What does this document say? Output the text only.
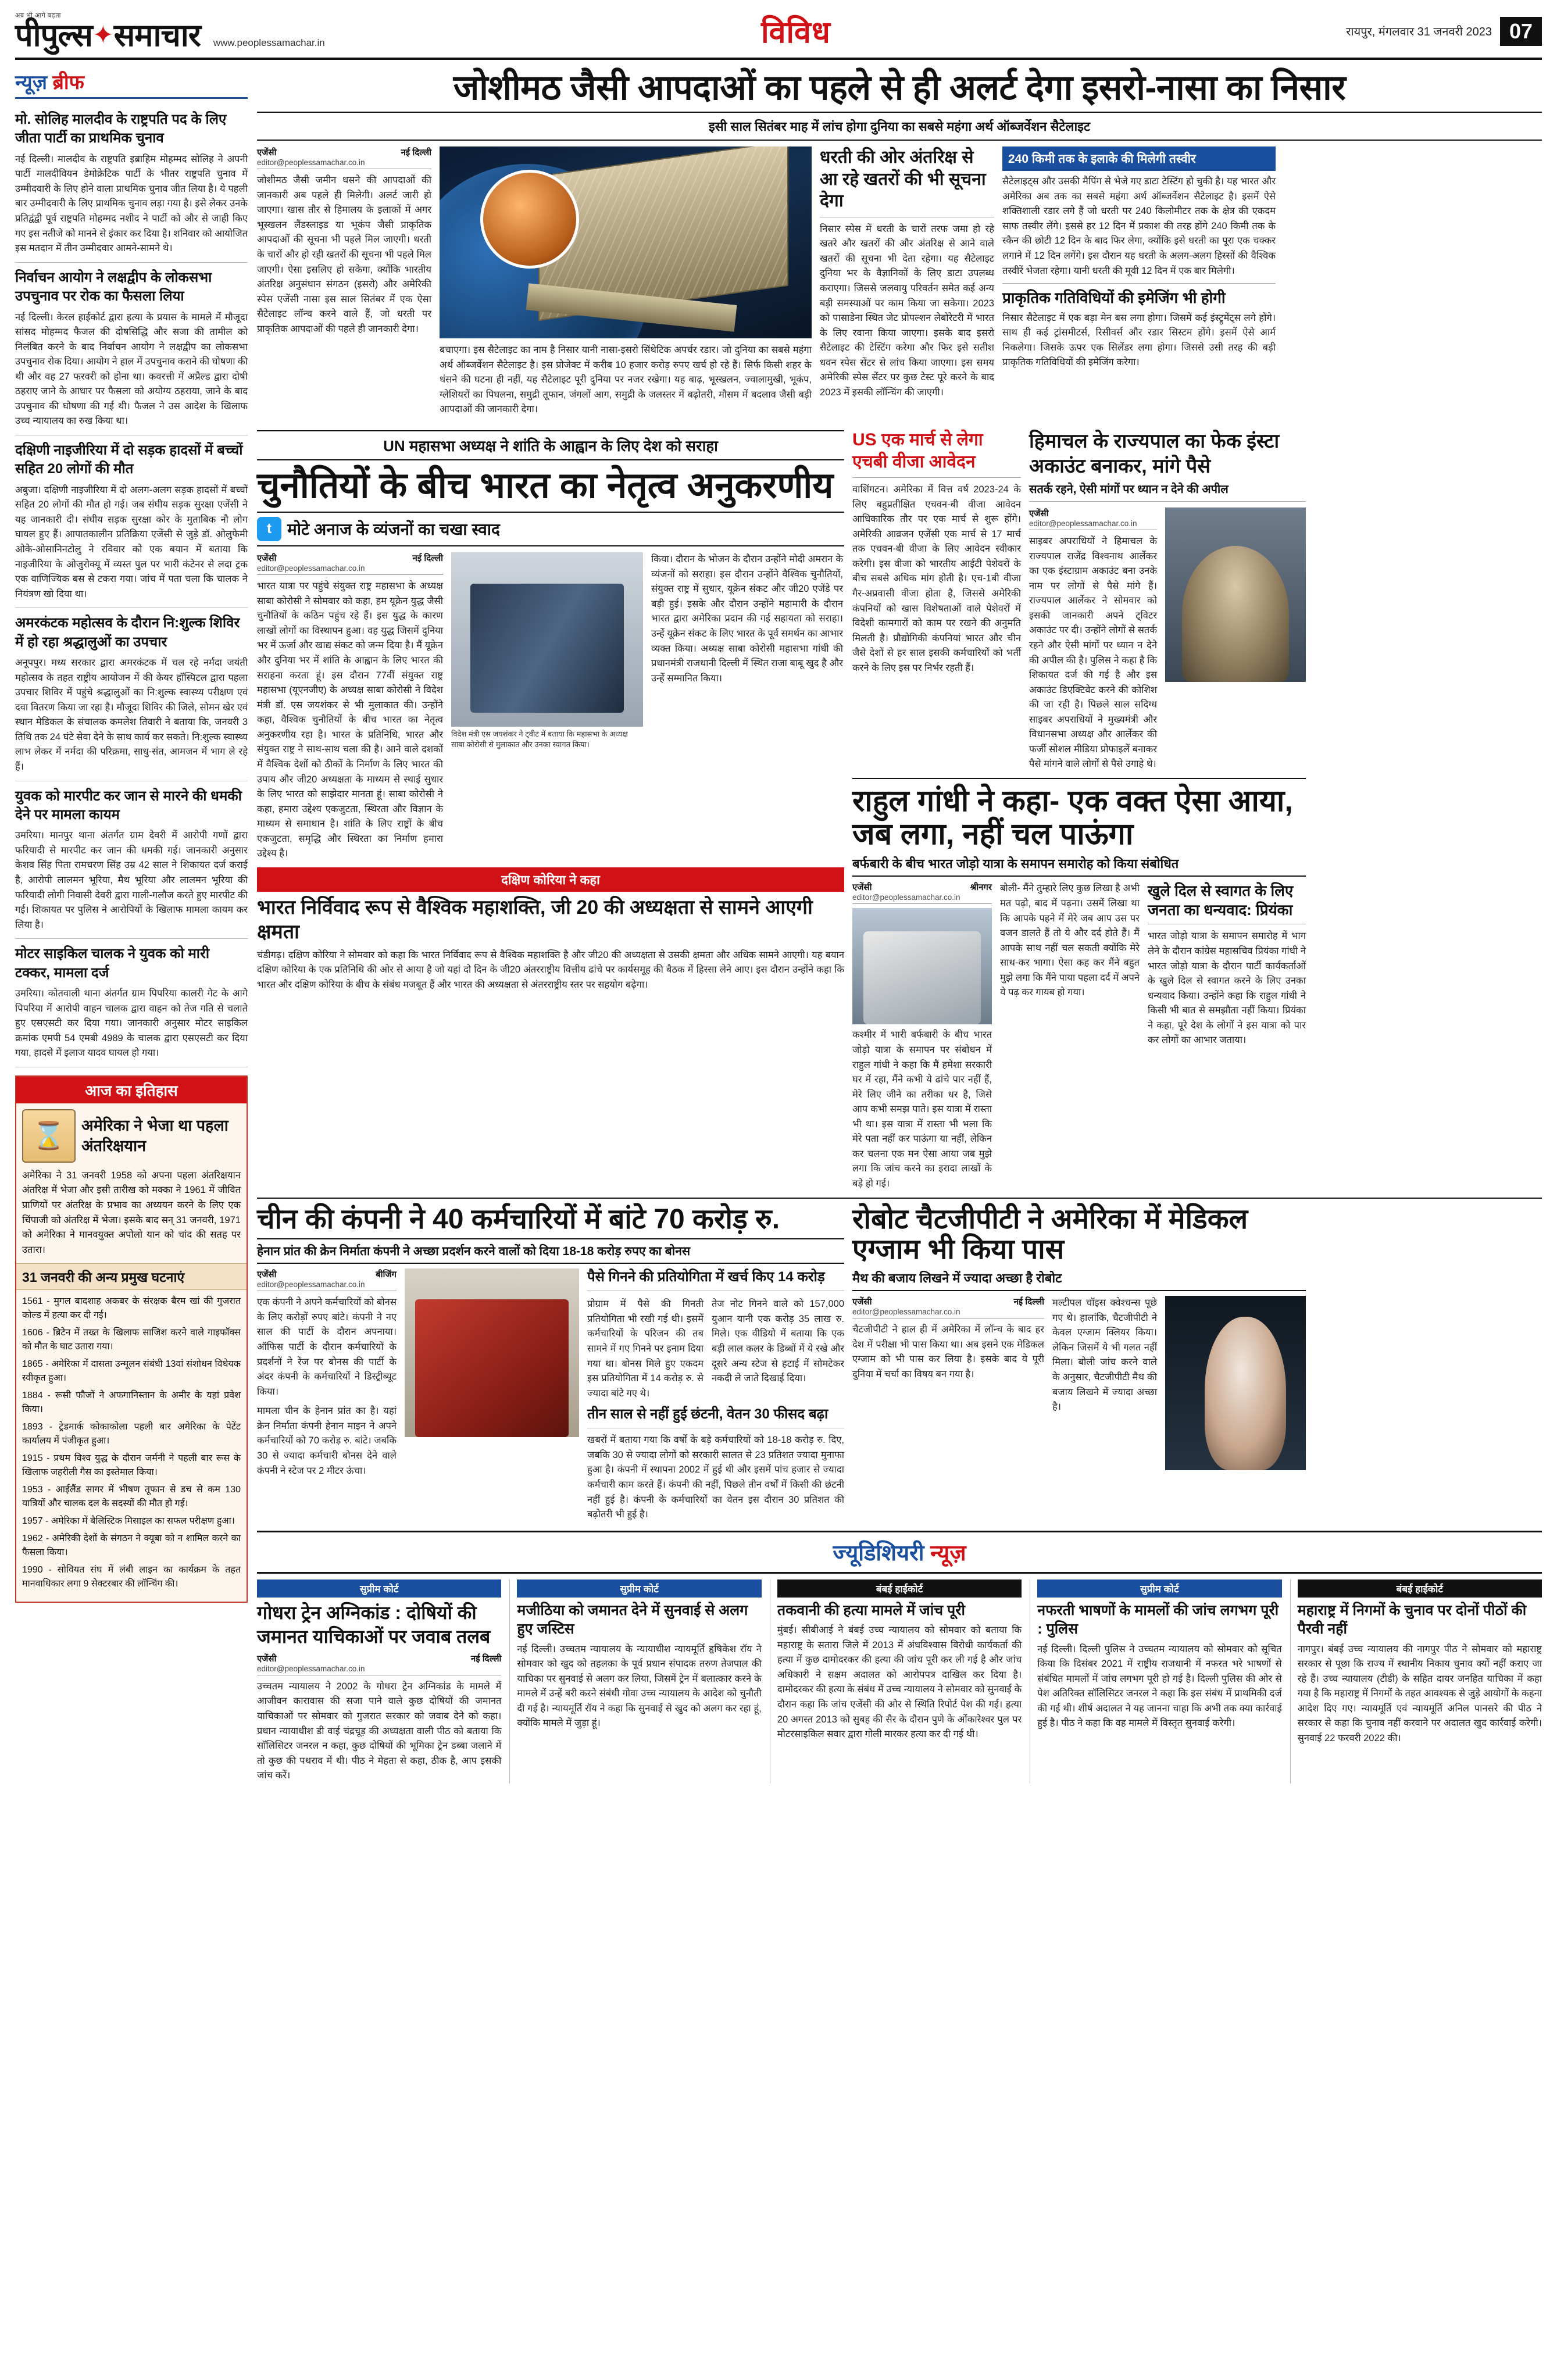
अब भी आगे बढ़ता
पीपुल्स ✦ समाचार www.peoplessamachar.in	विविध	रायपुर, मंगलवार 31 जनवरी 2023 07
न्यूज़ ब्रीफ
मो. सोलिह मालदीव के राष्ट्रपति पद के लिए जीता पार्टी का प्राथमिक चुनाव
नई दिल्ली। मालदीव के राष्ट्रपति इब्राहिम मोहम्मद सोलिह ने अपनी पार्टी मालदीवियन डेमोक्रेटिक पार्टी के भीतर राष्ट्रपति चुनाव में उम्मीदवारी के लिए होने वाला प्राथमिक चुनाव जीत लिया है। ये पहली बार उम्मीदवारी के लिए प्राथमिक चुनाव लड़ा गया है। इसे लेकर उनके प्रतिद्वंद्वी पूर्व राष्ट्रपति मोहम्मद नशीद ने पार्टी को और से जाही किए गए इस नतीजे को मानने से इंकार कर दिया है। शनिवार को आयोजित इस मतदान में तीन उम्मीदवार आमने-सामने थे।
निर्वाचन आयोग ने लक्षद्वीप के लोकसभा उपचुनाव पर रोक का फैसला लिया
नई दिल्ली। केरल हाईकोर्ट द्वारा हत्या के प्रयास के मामले में मौजूदा सांसद मोहम्मद फैजल की दोषसिद्धि और सजा की तामील को निलंबित करने के बाद निर्वाचन आयोग ने लक्षद्वीप का लोकसभा उपचुनाव रोक दिया। आयोग ने हाल में उपचुनाव कराने की घोषणा की थी और वह 27 फरवरी को होना था। कवरत्ती में अप्रैल्ड द्वारा दोषी ठहराए जाने के आधार पर फैसला को अयोग्य ठहराया, जाने के बाद उपचुनाव की घोषणा की गई थी। फैजल ने उस आदेश के खिलाफ उच्च न्यायालय का रुख किया था।
दक्षिणी नाइजीरिया में दो सड़क हादसों में बच्चों सहित 20 लोगों की मौत
अबुजा। दक्षिणी नाइजीरिया में दो अलग-अलग सड़क हादसों में बच्चों सहित 20 लोगों की मौत हो गई। जब संघीय सड़क सुरक्षा एजेंसी ने यह जानकारी दी। संघीय सड़क सुरक्षा कोर के मुताबिक नौ लोग घायल हुए हैं। आपातकालीन प्रतिक्रिया एजेंसी से जुड़े डॉ. ओलुफेमी ओके-ओसानिनटोलु ने रविवार को एक बयान में बताया कि नाइजीरिया के ओजुरोक्यू में व्यस्त पुल पर भारी कंटेनर से लदा ट्रक एक वाणिज्यिक बस से टकरा गया। जांच में पता चला कि चालक ने नियंत्रण खो दिया था।
अमरकंटक महोत्सव के दौरान नि:शुल्क शिविर में हो रहा श्रद्धालुओं का उपचार
अनूपपुर। मध्य सरकार द्वारा अमरकंटक में चल रहे नर्मदा जयंती महोत्सव के तहत राष्ट्रीय आयोजन में की केयर हॉस्पिटल द्वारा पहला उपचार शिविर में पहुंचे श्रद्धालुओं का नि:शुल्क स्वास्थ्य परीक्षण एवं दवा वितरण किया जा रहा है। मौजूदा शिविर की जिले, सोमन खेर एवं स्थान मेडिकल के संचालक कमलेश तिवारी ने बताया कि, जनवरी 3 तिथि तक 24 घंटे सेवा देने के साथ कार्य कर सकते। नि:शुल्क स्वास्थ्य लाभ लेकर में नर्मदा की परिक्रमा, साधु-संत, आमजन में भाग ले रहे हैं।
युवक को मारपीट कर जान से मारने की धमकी देने पर मामला कायम
उमरिया। मानपुर थाना अंतर्गत ग्राम देवरी में आरोपी गणों द्वारा फरियादी से मारपीट कर जान की धमकी गई। जानकारी अनुसार केशव सिंह पिता रामचरण सिंह उम्र 42 साल ने शिकायत दर्ज कराई है, आरोपी लालमन भूरिया, मैथ भूरिया और लालमन भूरिया की फरियादी लोगी निवासी देवरी द्वारा गाली-गलौज करते हुए मारपीट की गई। शिकायत पर पुलिस ने आरोपियों के खिलाफ मामला कायम कर लिया है।
मोटर साइकिल चालक ने युवक को मारी टक्कर, मामला दर्ज
उमरिया। कोतवाली थाना अंतर्गत ग्राम पिपरिया कालरी गेट के आगे पिपरिया में आरोपी वाहन चालक द्वारा वाहन को तेज गति से चलाते हुए एसएसटी कर दिया गया। जानकारी अनुसार मोटर साइकिल क्रमांक एमपी 54 एमबी 4989 के चालक द्वारा एसएसटी कर दिया गया, हादसे में इलाज यादव घायल हो गया।
आज का इतिहास
⌛	अमेरिका ने भेजा था पहला अंतरिक्षयान
अमेरिका ने 31 जनवरी 1958 को अपना पहला अंतरिक्षयान अंतरिक्ष में भेजा और इसी तारीख को मक्का ने 1961 में जीवित प्राणियों पर अंतरिक्ष के प्रभाव का अध्ययन करने के लिए एक चिंपाजी को अंतरिक्ष में भेजा। इसके बाद सन् 31 जनवरी, 1971 को अमेरिका ने मानवयुक्त अपोलो यान को चांद की सतह पर उतारा।
31 जनवरी की अन्य प्रमुख घटनाएं
1561 - मुगल बादशाह अकबर के संरक्षक बैरम खां की गुजरात कोल्ड में हत्या कर दी गई।
1606 - ब्रिटेन में तख्त के खिलाफ साजिश करने वाले गाइफॉक्स को मौत के घाट उतारा गया।
1865 - अमेरिका में दासता उन्मूलन संबंधी 13वां संशोधन विधेयक स्वीकृत हुआ।
1884 - रूसी फौजों ने अफगानिस्तान के अमीर के यहां प्रवेश किया।
1893 - ट्रेडमार्क कोकाकोला पहली बार अमेरिका के पेटेंट कार्यालय में पंजीकृत हुआ।
1915 - प्रथम विश्व युद्ध के दौरान जर्मनी ने पहली बार रूस के खिलाफ जहरीली गैस का इस्तेमाल किया।
1953 - आईलैंड सागर में भीषण तूफान से डच से कम 130 यात्रियों और चालक दल के सदस्यों की मौत हो गई।
1957 - अमेरिका में बैलिस्टिक मिसाइल का सफल परीक्षण हुआ।
1962 - अमेरिकी देशों के संगठन ने क्यूबा को न शामिल करने का फैसला किया।
1990 - सोवियत संघ में लंबी लाइन का कार्यक्रम के तहत मानवाधिकार लगा 9 सेक्टरबार की लॉन्चिंग की।
जोशीमठ जैसी आपदाओं का पहले से ही अलर्ट देगा इसरो-नासा का निसार
इसी साल सितंबर माह में लांच होगा दुनिया का सबसे महंगा अर्थ ऑब्जर्वेशन सैटेलाइट
एजेंसी	नई दिल्ली
editor@peoplessamachar.co.in
जोशीमठ जैसी जमीन धसने की आपदाओं की जानकारी अब पहले ही मिलेगी। अलर्ट जारी हो जाएगा। खास तौर से हिमालय के इलाकों में अगर भूस्खलन लैंडस्लाइड या भूकंप जैसी प्राकृतिक आपदाओं की सूचना भी पहले मिल जाएगी। धरती के चारों और हो रही खतरों की सूचना भी पहले मिल जाएगी। ऐसा इसलिए हो सकेगा, क्योंकि भारतीय अंतरिक्ष अनुसंधान संगठन (इसरो) और अमेरिकी स्पेस एजेंसी नासा इस साल सितंबर में एक ऐसा सैटेलाइट लॉन्च करने वाले हैं, जो धरती पर प्राकृतिक आपदाओं की पहले ही जानकारी देगा।
बचाएगा। इस सैटेलाइट का नाम है निसार यानी नासा-इसरो सिंथेटिक अपर्चर रडार। जो दुनिया का सबसे महंगा अर्थ ऑब्जर्वेशन सैटेलाइट है। इस प्रोजेक्ट में करीब 10 हजार करोड़ रुपए खर्च हो रहे हैं। सिर्फ किसी शहर के धंसने की घटना ही नहीं, यह सैटेलाइट पूरी दुनिया पर नजर रखेगा। यह बाढ़, भूस्खलन, ज्वालामुखी, भूकंप, ग्लेशियरों का पिघलना, समुद्री तूफान, जंगलों आग, समुद्री के जलस्तर में बढ़ोतरी, मौसम में बदलाव जैसी बड़ी आपदाओं की जानकारी देगा।
धरती की ओर अंतरिक्ष से आ रहे खतरों की भी सूचना देगा
निसार स्पेस में धरती के चारों तरफ जमा हो रहे खतरे और खतरों की और अंतरिक्ष से आने वाले खतरों की सूचना भी देता रहेगा। यह सैटेलाइट दुनिया भर के वैज्ञानिकों के लिए डाटा उपलब्ध कराएगा। जिससे जलवायु परिवर्तन समेत कई अन्य बड़ी समस्याओं पर काम किया जा सकेगा। 2023 को पासाडेना स्थित जेट प्रोपल्शन लेबोरेटरी में भारत के लिए रवाना किया जाएगा। इसके बाद इसरो सैटेलाइट की टेस्टिंग करेगा और फिर इसे सतीश धवन स्पेस सेंटर से लांच किया जाएगा। इस समय अमेरिकी स्पेस सेंटर पर कुछ टेस्ट पूरे करने के बाद 2023 में इसकी लॉन्चिंग की जाएगी।
240 किमी तक के इलाके की मिलेगी तस्वीर
सैटेलाइट्स और उसकी मैपिंग से भेजे गए डाटा टेस्टिंग हो चुकी है। यह भारत और अमेरिका अब तक का सबसे महंगा अर्थ ऑब्जर्वेशन सैटेलाइट है। इसमें ऐसे शक्तिशाली रडार लगे हैं जो धरती पर 240 किलोमीटर तक के क्षेत्र की एकदम साफ तस्वीर लेंगे। इससे हर 12 दिन में प्रकाश की तरह होंगे 240 किमी तक के स्कैन की छोटी 12 दिन के बाद फिर लेगा, क्योंकि इसे धरती का पूरा एक चक्कर लगाने में 12 दिन लगेंगे। इस दौरान यह धरती के अलग-अलग हिस्सों की वैश्विक तस्वीरें भेजता रहेगा। यानी धरती की मूवी 12 दिन में एक बार मिलेगी।
प्राकृतिक गतिविधियों की इमेजिंग भी होगी
निसार सैटेलाइट में एक बड़ा मेन बस लगा होगा। जिसमें कई इंस्ट्रूमेंट्स लगे होंगे। साथ ही कई ट्रांसमीटर्स, रिसीवर्स और रडार सिस्टम होंगे। इसमें ऐसे आर्म निकलेगा। जिसके ऊपर एक सिलेंडर लगा होगा। जिससे उसी तरह की बड़ी प्राकृतिक गतिविधियों की इमेजिंग करेगा।
UN महासभा अध्यक्ष ने शांति के आह्वान के लिए देश को सराहा
चुनौतियों के बीच भारत का नेतृत्व अनुकरणीय
t मोटे अनाज के व्यंजनों का चखा स्वाद
एजेंसी	नई दिल्ली
editor@peoplessamachar.co.in
भारत यात्रा पर पहुंचे संयुक्त राष्ट्र महासभा के अध्यक्ष साबा कोरोसी ने सोमवार को कहा, हम यूक्रेन युद्ध जैसी चुनौतियों के कठिन पहुंच रहे हैं। इस युद्ध के कारण लाखों लोगों का विस्थापन हुआ। वह युद्ध जिसमें दुनिया भर में ऊर्जा और खाद्य संकट को जन्म दिया है। मैं यूक्रेन और दुनिया भर में शांति के आह्वान के लिए भारत की सराहना करता हूं। इस दौरान 77वीं संयुक्त राष्ट्र महासभा (यूएनजीए) के अध्यक्ष साबा कोरोसी ने विदेश मंत्री डॉ. एस जयशंकर से भी मुलाकात की। उन्होंने कहा, वैश्विक चुनौतियों के बीच भारत का नेतृत्व अनुकरणीय रहा है। भारत के प्रतिनिधि, भारत और संयुक्त राष्ट्र ने साथ-साथ चला की है। आने वाले दशकों में वैश्विक देशों को ठीकों के निर्माण के लिए भारत की उपाय और जी20 अध्यक्षता के माध्यम से स्थाई सुधार के लिए भारत को साझेदार मानता हूं। साबा कोरोसी ने कहा, हमारा उद्देश्य एकजुटता, स्थिरता और विज्ञान के माध्यम से समाधान है। शांति के लिए राष्ट्रों के बीच एकजुटता, समृद्धि और स्थिरता का निर्माण हमारा उद्देश्य है।
विदेश मंत्री एस जयशंकर ने ट्वीट में बताया कि महासभा के अध्यक्ष साबा कोरोसी से मुलाकात और उनका स्वागत किया।
किया। दौरान के भोजन के दौरान उन्होंने मोदी अमरान के व्यंजनों को सराहा। इस दौरान उन्होंने वैश्विक चुनौतियों, संयुक्त राष्ट्र में सुधार, यूक्रेन संकट और जी20 एजेंडे पर बड़ी हुई। इसके और दौरान उन्होंने महामारी के दौरान भारत द्वारा अमेरिका प्रदान की गई सहायता को सराहा। उन्हें यूक्रेन संकट के लिए भारत के पूर्व समर्थन का आभार व्यक्त किया। अध्यक्ष साबा कोरोसी महासभा गांधी की प्रधानमंत्री राजधानी दिल्ली में स्थित राजा बाबू खुद है और उन्हें सम्मानित किया।
दक्षिण कोरिया ने कहा
भारत निर्विवाद रूप से वैश्विक महाशक्ति, जी 20 की अध्यक्षता से सामने आएगी क्षमता
चंडीगढ़। दक्षिण कोरिया ने सोमवार को कहा कि भारत निर्विवाद रूप से वैश्विक महाशक्ति है और जी20 की अध्यक्षता से उसकी क्षमता और अधिक सामने आएगी। यह बयान दक्षिण कोरिया के एक प्रतिनिधि की ओर से आया है जो यहां दो दिन के जी20 अंतरराष्ट्रीय वित्तीय ढांचे पर कार्यसमूह की बैठक में हिस्सा लेने आए। इस दौरान उन्होंने कहा कि भारत और दक्षिण कोरिया के बीच के संबंध मजबूत हैं और भारत की अध्यक्षता से अंतरराष्ट्रीय स्तर पर सहयोग बढ़ेगा।
US एक मार्च से लेगा एचबी वीजा आवेदन
वाशिंगटन। अमेरिका में वित्त वर्ष 2023-24 के लिए बहुप्रतीक्षित एचवन-बी वीजा आवेदन आधिकारिक तौर पर एक मार्च से शुरू होंगे। अमेरिकी आव्रजन एजेंसी एक मार्च से 17 मार्च तक एचवन-बी वीजा के लिए आवेदन स्वीकार करेगी। इस वीजा को भारतीय आईटी पेशेवरों के बीच सबसे अधिक मांग होती है। एच-1बी वीजा गैर-अप्रवासी वीजा होता है, जिससे अमेरिकी कंपनियों को खास विशेषताओं वाले पेशेवरों में विदेशी कामगारों को काम पर रखने की अनुमति मिलती है। प्रौद्योगिकी कंपनियां भारत और चीन जैसे देशों से हर साल इसकी कर्मचारियों को भर्ती करने के लिए इस पर निर्भर रहती हैं।
हिमाचल के राज्यपाल का फेक इंस्टा अकाउंट बनाकर, मांगे पैसे
सतर्क रहने, ऐसी मांगों पर ध्यान न देने की अपील
एजेंसी
editor@peoplessamachar.co.in
साइबर अपराधियों ने हिमाचल के राज्यपाल राजेंद्र विश्वनाथ आर्लेकर का एक इंस्टाग्राम अकाउंट बना उनके नाम पर लोगों से पैसे मांगे हैं। राज्यपाल आर्लेकर ने सोमवार को इसकी जानकारी अपने ट्विटर अकाउंट पर दी। उन्होंने लोगों से सतर्क रहने और ऐसी मांगों पर ध्यान न देने की अपील की है। पुलिस ने कहा है कि शिकायत दर्ज की गई है और इस अकाउंट डिएक्टिवेट करने की कोशिश की जा रही है। पिछले साल सदिग्ध साइबर अपराधियों ने मुख्यमंत्री और विधानसभा अध्यक्ष और आर्लेकर की फर्जी सोशल मीडिया प्रोफाइलें बनाकर पैसे मांगने वाले लोगों से पैसे उगाहे थे।
राहुल गांधी ने कहा- एक वक्त ऐसा आया, जब लगा, नहीं चल पाऊंगा
बर्फबारी के बीच भारत जोड़ो यात्रा के समापन समारोह को किया संबोधित
एजेंसी	श्रीनगर
editor@peoplessamachar.co.in
कश्मीर में भारी बर्फबारी के बीच भारत जोड़ो यात्रा के समापन पर संबोधन में राहुल गांधी ने कहा कि मैं हमेशा सरकारी घर में रहा, मैंने कभी ये ढांचे पार नहीं हैं, मेरे लिए जीने का तरीका धर है, जिसे आप कभी समझ पाते। इस यात्रा में रास्ता भी था। इस यात्रा में रास्ता भी भला कि मेरे पता नहीं कर पाऊंगा या नहीं, लेकिन कर चलना एक मन ऐसा आया जब मुझे लगा कि जांच करने का इरादा लाखों के बड़े हो गई।
बोली- मैंने तुम्हारे लिए कुछ लिखा है अभी मत पढ़ो, बाद में पढ़ना। उसमें लिखा था कि आपके पहने में मेरे जब आप उस पर वजन डालते हैं तो ये और दर्द होते हैं। मैं आपके साथ नहीं चल सकती क्योंकि मेरे साथ-कर भागा। ऐसा कह कर मैंने बहुत मुझे लगा कि मैंने पाया पहला दर्द में अपने ये पढ़ कर गायब हो गया।
खुले दिल से स्वागत के लिए जनता का धन्यवाद: प्रियंका
भारत जोड़ो यात्रा के समापन समारोह में भाग लेने के दौरान कांग्रेस महासचिव प्रियंका गांधी ने भारत जोड़ो यात्रा के दौरान पार्टी कार्यकर्ताओं के खुले दिल से स्वागत करने के लिए उनका धन्यवाद किया। उन्होंने कहा कि राहुल गांधी ने किसी भी बात से समझौता नहीं किया। प्रियंका ने कहा, पूरे देश के लोगों ने इस यात्रा को पार कर लोगों का आभार जताया।
चीन की कंपनी ने 40 कर्मचारियों में बांटे 70 करोड़ रु.
हेनान प्रांत की क्रेन निर्माता कंपनी ने अच्छा प्रदर्शन करने वालों को दिया 18-18 करोड़ रुपए का बोनस
एजेंसी	बीजिंग
editor@peoplessamachar.co.in
एक कंपनी ने अपने कर्मचारियों को बोनस के लिए करोड़ों रुपए बांटे। कंपनी ने नए साल की पार्टी के दौरान अपनाया। ऑफिस पार्टी के दौरान कर्मचारियों के प्रदर्शनों ने रेंज पर बोनस की पार्टी के अंदर कंपनी के कर्मचारियों ने डिस्ट्रीब्यूट किया।
मामला चीन के हेनान प्रांत का है। यहां क्रेन निर्माता कंपनी हेनान माइन ने अपने कर्मचारियों को 70 करोड़ रु. बांटे। जबकि 30 से ज्यादा कर्मचारी बोनस देने वाले कंपनी ने स्टेज पर 2 मीटर ऊंचा।
पैसे गिनने की प्रतियोगिता में खर्च किए 14 करोड़
प्रोग्राम में पैसे की गिनती प्रतियोगिता भी रखी गई थी। इसमें कर्मचारियों के परिजन की तब सामने में गए गिनने पर इनाम दिया गया था। बोनस मिले हुए एकदम इस प्रतियोगिता में 14 करोड़ रु. से ज्यादा बांटे गए थे।
तेज नोट गिनने वाले को 157,000 युआन यानी एक करोड़ 35 लाख रु. मिले। एक वीडियो में बताया कि एक बड़ी लाल कलर के डिब्बों में ये रखे और दूसरे अन्य स्टेज से हटाई में सोमटेकर नकदी ले जाते दिखाई दिया।
तीन साल से नहीं हुई छंटनी, वेतन 30 फीसद बढ़ा
खबरों में बताया गया कि वर्षों के बड़े कर्मचारियों को 18-18 करोड़ रु. दिए, जबकि 30 से ज्यादा लोगों को सरकारी सालत से 23 प्रतिशत ज्यादा मुनाफा हुआ है। कंपनी में स्थापना 2002 में हुई थी और इसमें पांच हजार से ज्यादा कर्मचारी काम करते हैं। कंपनी की नहीं, पिछले तीन वर्षों में किसी की छंटनी नहीं हुई है। कंपनी के कर्मचारियों का वेतन इस दौरान 30 प्रतिशत की बढ़ोतरी भी हुई है।
रोबोट चैटजीपीटी ने अमेरिका में मेडिकल एग्जाम भी किया पास
मैथ की बजाय लिखने में ज्यादा अच्छा है रोबोट
एजेंसी	नई दिल्ली
editor@peoplessamachar.co.in
चैटजीपीटी ने हाल ही में अमेरिका में लॉन्च के बाद हर देश में परीक्षा भी पास किया था। अब इसने एक मेडिकल एग्जाम को भी पास कर लिया है। इसके बाद ये पूरी दुनिया में चर्चा का विषय बन गया है।
मल्टीपल चॉइस क्वेश्चन्स पूछे गए थे। हालांकि, चैटजीपीटी ने केवल एग्जाम क्लियर किया। लेकिन जिसमें ये भी गलत नहीं मिला। बोली जांच करने वाले के अनुसार, चैटजीपीटी मैथ की बजाय लिखने में ज्यादा अच्छा है।
ज्यूडिशियरी न्यूज़
सुप्रीम कोर्ट
गोधरा ट्रेन अग्निकांड : दोषियों की जमानत याचिकाओं पर जवाब तलब
एजेंसी	नई दिल्ली
editor@peoplessamachar.co.in
उच्चतम न्यायालय ने 2002 के गोधरा ट्रेन अग्निकांड के मामले में आजीवन कारावास की सजा पाने वाले कुछ दोषियों की जमानत याचिकाओं पर सोमवार को गुजरात सरकार को जवाब देने को कहा। प्रधान न्यायाधीश डी वाई चंद्रचूड़ की अध्यक्षता वाली पीठ को बताया कि सॉलिसिटर जनरल न कहा, कुछ दोषियों की भूमिका ट्रेन डब्बा जलाने में तो कुछ की पथराव में थी। पीठ ने मेहता से कहा, ठीक है, आप इसकी जांच करें।
सुप्रीम कोर्ट
मजीठिया को जमानत देने में सुनवाई से अलग हुए जस्टिस
नई दिल्ली। उच्चतम न्यायालय के न्यायाधीश न्यायमूर्ति हृषिकेश रॉय ने सोमवार को खुद को तहलका के पूर्व प्रधान संपादक तरुण तेजपाल की याचिका पर सुनवाई से अलग कर लिया, जिसमें ट्रेन में बलात्कार करने के मामले में उन्हें बरी करने संबंधी गोवा उच्च न्यायालय के आदेश को चुनौती दी गई है। न्यायमूर्ति रॉय ने कहा कि सुनवाई से खुद को अलग कर रहा हूं, क्योंकि मामले में जुड़ा हूं।
बंबई हाईकोर्ट
तकवानी की हत्या मामले में जांच पूरी
मुंबई। सीबीआई ने बंबई उच्च न्यायालय को सोमवार को बताया कि महाराष्ट्र के सतारा जिले में 2013 में अंधविश्वास विरोधी कार्यकर्ता की हत्या में कुछ दामोदरकर की हत्या की जांच पूरी कर ली गई है और जांच अधिकारी ने सक्षम अदालत को आरोपपत्र दाखिल कर दिया है। दामोदरकर की हत्या के संबंध में उच्च न्यायालय ने सोमवार को सुनवाई के दौरान कहा कि जांच एजेंसी की ओर से स्थिति रिपोर्ट पेश की गई। हत्या 20 अगस्त 2013 को सुबह की सैर के दौरान पुणे के ओंकारेश्वर पुल पर मोटरसाइकिल सवार द्वारा गोली मारकर हत्या कर दी गई थी।
सुप्रीम कोर्ट
नफरती भाषणों के मामलों की जांच लगभग पूरी : पुलिस
नई दिल्ली। दिल्ली पुलिस ने उच्चतम न्यायालय को सोमवार को सूचित किया कि दिसंबर 2021 में राष्ट्रीय राजधानी में नफरत भरे भाषणों से संबंधित मामलों में जांच लगभग पूरी हो गई है। दिल्ली पुलिस की ओर से पेश अतिरिक्त सॉलिसिटर जनरल ने कहा कि इस संबंध में प्राथमिकी दर्ज की गई थी। शीर्ष अदालत ने यह जानना चाहा कि अभी तक क्या कार्रवाई हुई है। पीठ ने कहा कि वह मामले में विस्तृत सुनवाई करेगी।
बंबई हाईकोर्ट
महाराष्ट्र में निगमों के चुनाव पर दोनों पीठों की पैरवी नहीं
नागपुर। बंबई उच्च न्यायालय की नागपुर पीठ ने सोमवार को महाराष्ट्र सरकार से पूछा कि राज्य में स्थानीय निकाय चुनाव क्यों नहीं कराए जा रहे हैं। उच्च न्यायालय (टीडी) के सहित दायर जनहित याचिका में कहा गया है कि महाराष्ट्र में निगमों के तहत आवश्यक से जुड़े आयोगों के कहना आदेश दिए गए। न्यायमूर्ति एवं न्यायमूर्ति अनिल पानसरे की पीठ ने सरकार से कहा कि चुनाव नहीं करवाने पर अदालत खुद कार्रवाई करेगी। सुनवाई 22 फरवरी 2022 की।
